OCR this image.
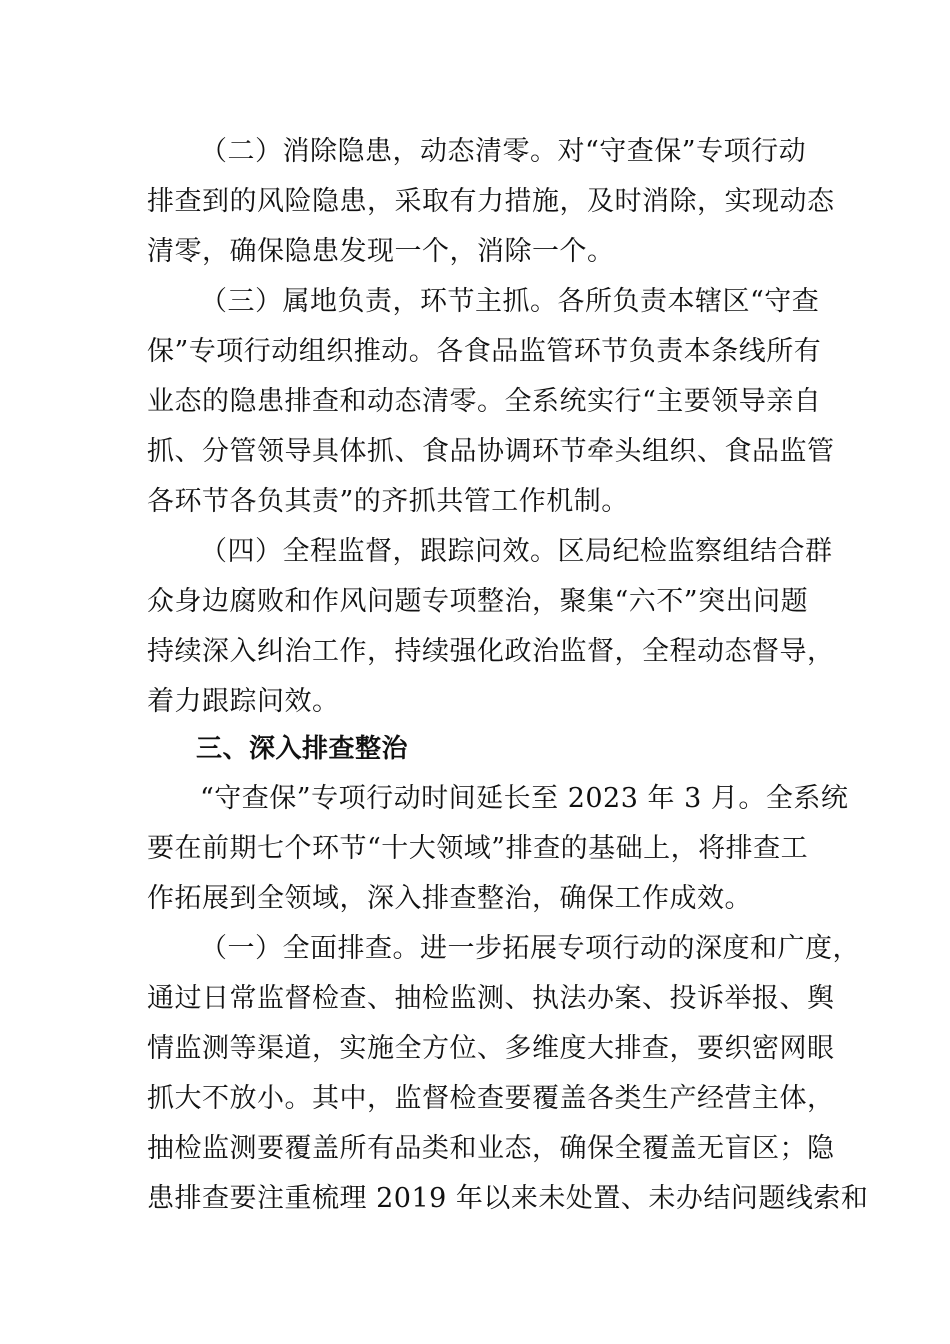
（二）消除隐患，动态清零。对“守查保”专项行动
排查到的风险隐患，采取有力措施，及时消除，实现动态
清零，确保隐患发现一个，消除一个。
（三）属地负责，环节主抓。各所负责本辖区“守查
保”专项行动组织推动。各食品监管环节负责本条线所有
业态的隐患排查和动态清零。全系统实行“主要领导亲自
抓、分管领导具体抓、食品协调环节牵头组织、食品监管
各环节各负其责”的齐抓共管工作机制。
（四）全程监督，跟踪问效。区局纪检监察组结合群
众身边腐败和作风问题专项整治，聚集“六不”突出问题
持续深入纠治工作，持续强化政治监督，全程动态督导，
着力跟踪问效。
三、深入排查整治
“守查保”专项行动时间延长至 2023 年 3 月。全系统
要在前期七个环节“十大领域”排查的基础上，将排查工
作拓展到全领域，深入排查整治，确保工作成效。
（一）全面排查。进一步拓展专项行动的深度和广度，
通过日常监督检查、抽检监测、执法办案、投诉举报、舆
情监测等渠道，实施全方位、多维度大排查，要织密网眼
抓大不放小。其中，监督检查要覆盖各类生产经营主体，
抽检监测要覆盖所有品类和业态，确保全覆盖无盲区；隐
患排查要注重梳理 2019 年以来未处置、未办结问题线索和
